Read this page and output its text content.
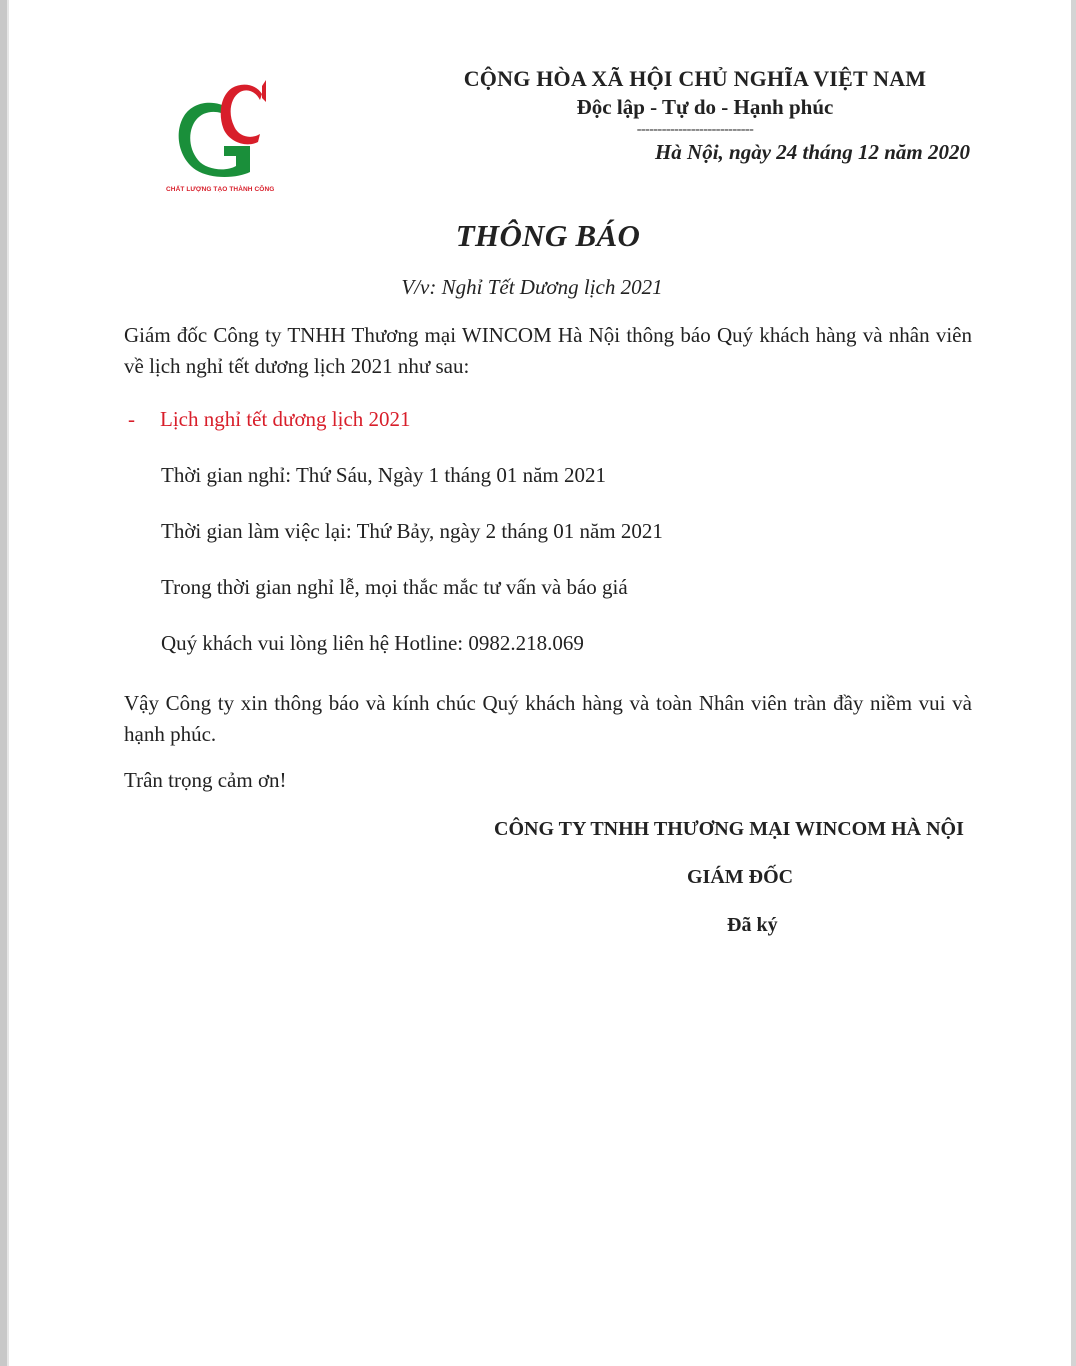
CHẤT LƯỢNG TẠO THÀNH CÔNG
CỘNG HÒA XÃ HỘI CHỦ NGHĨA VIỆT NAM
Độc lập - Tự do - Hạnh phúc
----------------------------
Hà Nội, ngày 24 tháng 12 năm 2020
THÔNG BÁO
V/v: Nghỉ Tết Dương lịch 2021
Giám đốc Công ty TNHH Thương mại WINCOM Hà Nội thông báo Quý khách hàng và nhân viên về lịch nghỉ tết dương lịch 2021 như sau:
- Lịch nghỉ tết dương lịch 2021
Thời gian nghỉ: Thứ Sáu, Ngày 1 tháng 01 năm 2021
Thời gian làm việc lại: Thứ Bảy, ngày 2 tháng 01 năm 2021
Trong thời gian nghỉ lễ, mọi thắc mắc tư vấn và báo giá
Quý khách vui lòng liên hệ Hotline: 0982.218.069
Vậy Công ty xin thông báo và kính chúc Quý khách hàng và toàn Nhân viên tràn đầy niềm vui và hạnh phúc.
Trân trọng cảm ơn!
CÔNG TY TNHH THƯƠNG MẠI WINCOM HÀ NỘI
GIÁM ĐỐC
Đã ký
